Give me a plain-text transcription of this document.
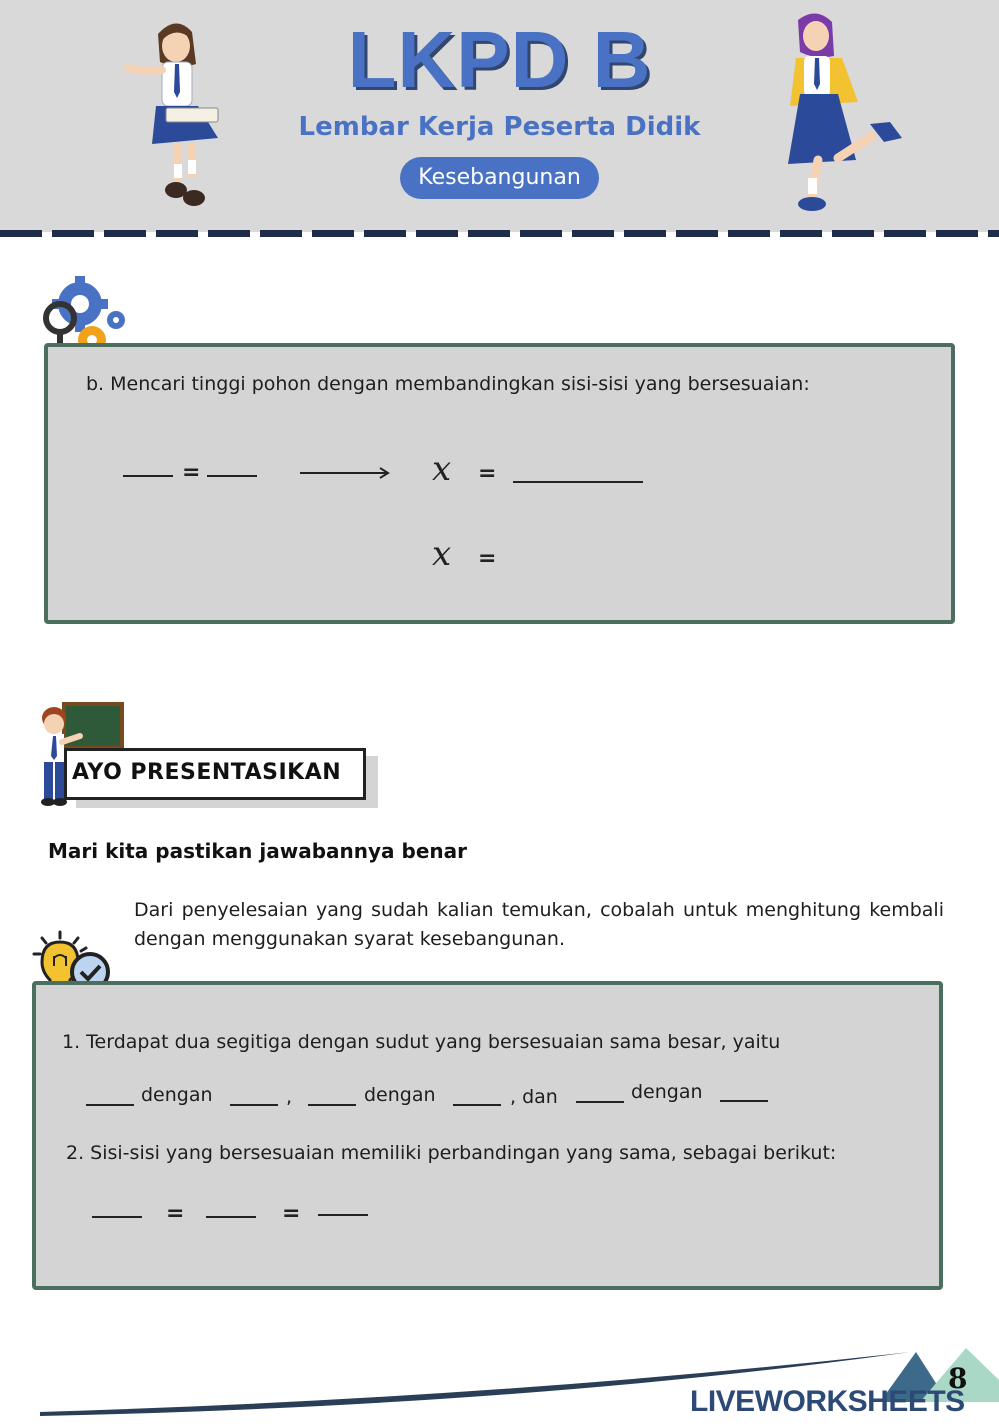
LKPD B
Lembar Kerja Peserta Didik
Kesebangunan
b. Mencari tinggi pohon dengan membandingkan sisi-sisi yang bersesuaian:
=	x =
x =
AYO PRESENTASIKAN
Mari kita pastikan jawabannya benar
Dari penyelesaian yang sudah kalian temukan, cobalah untuk menghitung kembali dengan menggunakan syarat kesebangunan.
1. Terdapat dua segitiga dengan sudut yang bersesuaian sama besar, yaitu
dengan	,	dengan	, dan	dengan
2. Sisi-sisi yang bersesuaian memiliki perbandingan yang sama, sebagai berikut:
=	=
8
LIVEWORKSHEETS
